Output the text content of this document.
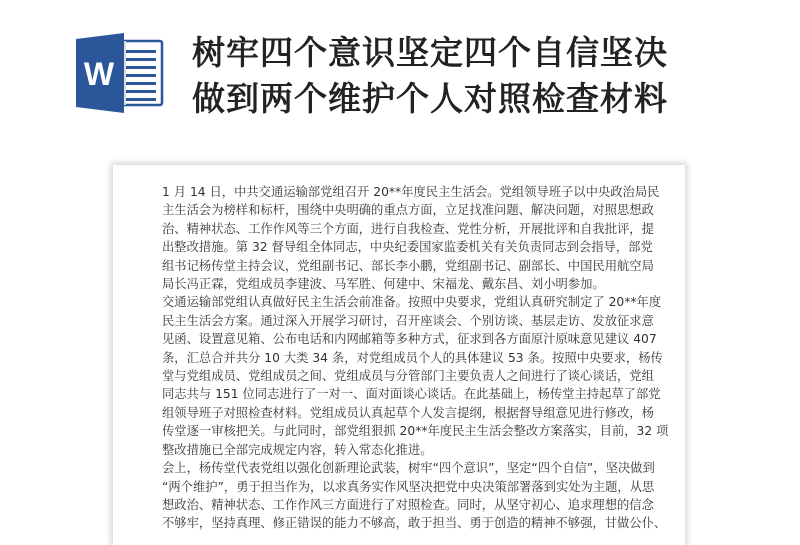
W
树牢四个意识坚定四个自信坚决
做到两个维护个人对照检查材料
1 月 14 日，中共交通运输部党组召开 20**年度民主生活会。党组领导班子以中央政治局民
主生活会为榜样和标杆，围绕中央明确的重点方面，立足找准问题、解决问题，对照思想政
治、精神状态、工作作风等三个方面，进行自我检查、党性分析，开展批评和自我批评，提
出整改措施。第 32 督导组全体同志，中央纪委国家监委机关有关负责同志到会指导，部党
组书记杨传堂主持会议，党组副书记、部长李小鹏，党组副书记、副部长、中国民用航空局
局长冯正霖，党组成员李建波、马军胜、何建中、宋福龙、戴东昌、刘小明参加。
交通运输部党组认真做好民主生活会前准备。按照中央要求，党组认真研究制定了 20**年度
民主生活会方案。通过深入开展学习研讨，召开座谈会、个别访谈、基层走访、发放征求意
见函、设置意见箱、公布电话和内网邮箱等多种方式，征求到各方面原汁原味意见建议 407
条，汇总合并共分 10 大类 34 条，对党组成员个人的具体建议 53 条。按照中央要求，杨传
堂与党组成员、党组成员之间、党组成员与分管部门主要负责人之间进行了谈心谈话，党组
同志共与 151 位同志进行了一对一、面对面谈心谈话。在此基础上，杨传堂主持起草了部党
组领导班子对照检查材料。党组成员认真起草个人发言提纲，根据督导组意见进行修改，杨
传堂逐一审核把关。与此同时，部党组狠抓 20**年度民主生活会整改方案落实，目前，32 项
整改措施已全部完成规定内容，转入常态化推进。
会上，杨传堂代表党组以强化创新理论武装，树牢“四个意识”，坚定“四个自信”，坚决做到
“两个维护”，勇于担当作为，以求真务实作风坚决把党中央决策部署落到实处为主题，从思
想政治、精神状态、工作作风三方面进行了对照检查。同时，从坚守初心、追求理想的信念
不够牢，坚持真理、修正错误的能力不够高，敢于担当、勇于创造的精神不够强，甘做公仆、
